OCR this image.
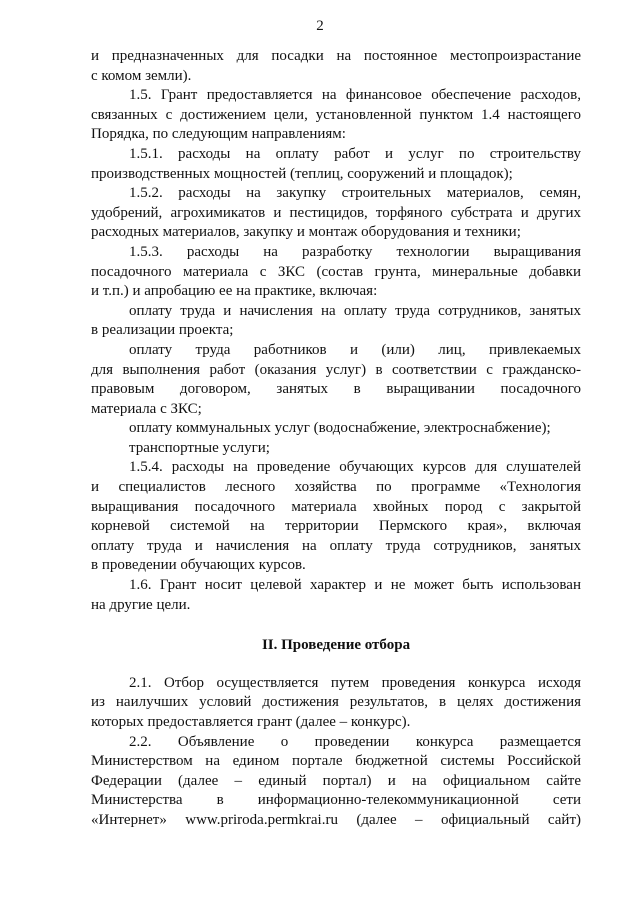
2
и предназначенных для посадки на постоянное местопроизрастание
с комом земли).
1.5. Грант предоставляется на финансовое обеспечение расходов,
связанных с достижением цели, установленной пунктом 1.4 настоящего
Порядка, по следующим направлениям:
1.5.1. расходы на оплату работ и услуг по строительству
производственных мощностей (теплиц, сооружений и площадок);
1.5.2. расходы на закупку строительных материалов, семян,
удобрений, агрохимикатов и пестицидов, торфяного субстрата и других
расходных материалов, закупку и монтаж оборудования и техники;
1.5.3. расходы на разработку технологии выращивания
посадочного материала с ЗКС (состав грунта, минеральные добавки
и т.п.) и апробацию ее на практике, включая:
оплату труда и начисления на оплату труда сотрудников, занятых
в реализации проекта;
оплату труда работников и (или) лиц, привлекаемых
для выполнения работ (оказания услуг) в соответствии с гражданско-
правовым договором, занятых в выращивании посадочного
материала с ЗКС;
оплату коммунальных услуг (водоснабжение, электроснабжение);
транспортные услуги;
1.5.4. расходы на проведение обучающих курсов для слушателей
и специалистов лесного хозяйства по программе «Технология
выращивания посадочного материала хвойных пород с закрытой
корневой системой на территории Пермского края», включая
оплату труда и начисления на оплату труда сотрудников, занятых
в проведении обучающих курсов.
1.6. Грант носит целевой характер и не может быть использован
на другие цели.
II. Проведение отбора
2.1. Отбор осуществляется путем проведения конкурса исходя
из наилучших условий достижения результатов, в целях достижения
которых предоставляется грант (далее – конкурс).
2.2. Объявление о проведении конкурса размещается
Министерством на едином портале бюджетной системы Российской
Федерации (далее – единый портал) и на официальном сайте
Министерства в информационно-телекоммуникационной сети
«Интернет» www.priroda.permkrai.ru (далее – официальный сайт)
